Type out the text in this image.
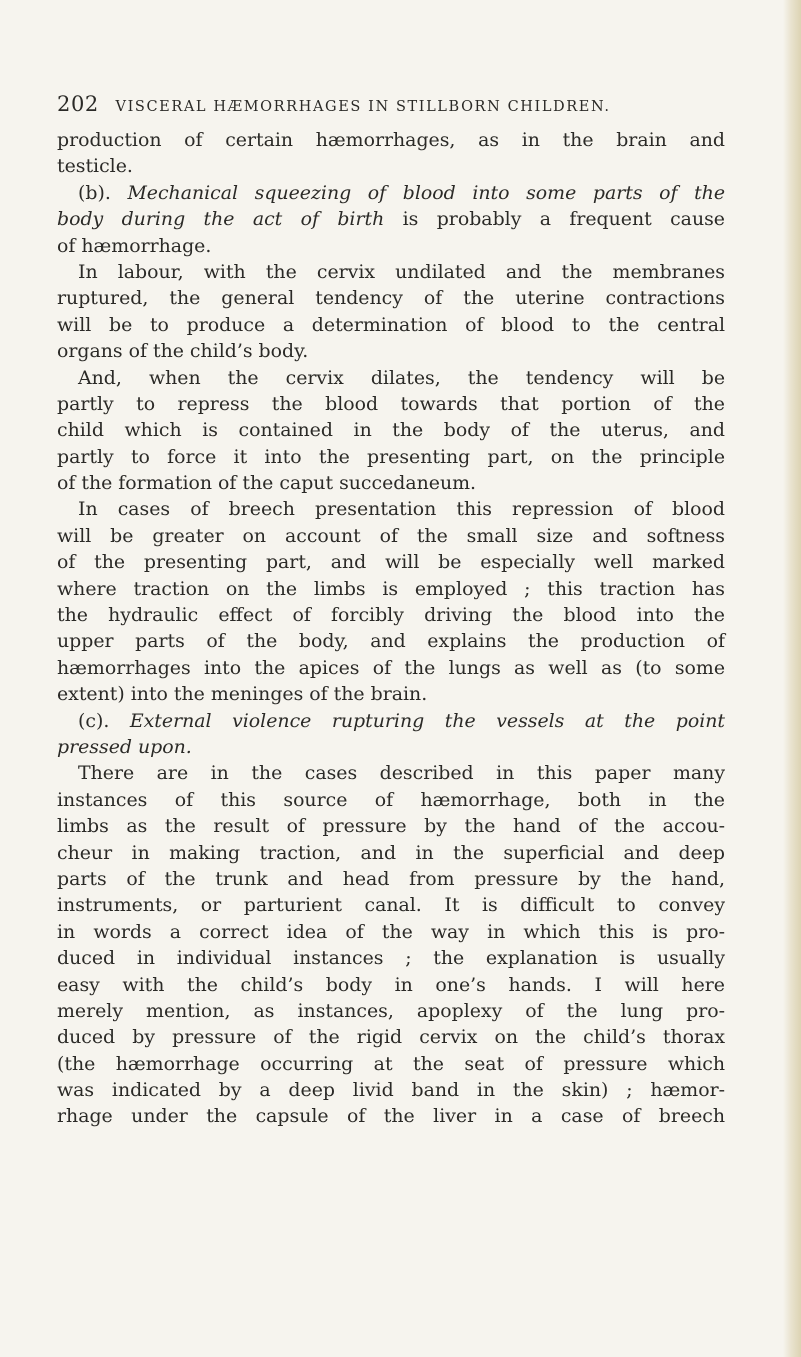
202 VISCERAL HÆMORRHAGES IN STILLBORN CHILDREN.
production of certain hæmorrhages, as in the brain and
testicle.
(b). Mechanical squeezing of blood into some parts of the
body during the act of birth is probably a frequent cause
of hæmorrhage.
In labour, with the cervix undilated and the membranes
ruptured, the general tendency of the uterine contractions
will be to produce a determination of blood to the central
organs of the child’s body.
And, when the cervix dilates, the tendency will be
partly to repress the blood towards that portion of the
child which is contained in the body of the uterus, and
partly to force it into the presenting part, on the principle
of the formation of the caput succedaneum.
In cases of breech presentation this repression of blood
will be greater on account of the small size and softness
of the presenting part, and will be especially well marked
where traction on the limbs is employed ; this traction has
the hydraulic effect of forcibly driving the blood into the
upper parts of the body, and explains the production of
hæmorrhages into the apices of the lungs as well as (to some
extent) into the meninges of the brain.
(c). External violence rupturing the vessels at the point
pressed upon.
There are in the cases described in this paper many
instances of this source of hæmorrhage, both in the
limbs as the result of pressure by the hand of the accou-
cheur in making traction, and in the superficial and deep
parts of the trunk and head from pressure by the hand,
instruments, or parturient canal. It is difficult to convey
in words a correct idea of the way in which this is pro-
duced in individual instances ; the explanation is usually
easy with the child’s body in one’s hands. I will here
merely mention, as instances, apoplexy of the lung pro-
duced by pressure of the rigid cervix on the child’s thorax
(the hæmorrhage occurring at the seat of pressure which
was indicated by a deep livid band in the skin) ; hæmor-
rhage under the capsule of the liver in a case of breech
